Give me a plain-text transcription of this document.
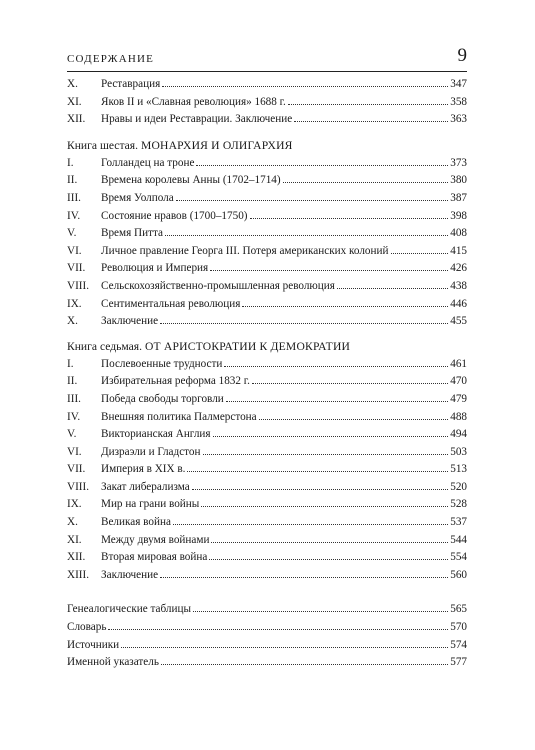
СОДЕРЖАНИЕ	9
X.	Реставрация	347
XI.	Яков II и «Славная революция» 1688 г.	358
XII.	Нравы и идеи Реставрации. Заключение	363
Книга шестая. МОНАРХИЯ И ОЛИГАРХИЯ
I.	Голландец на троне	373
II.	Времена королевы Анны (1702–1714)	380
III.	Время Уолпола	387
IV.	Состояние нравов (1700–1750)	398
V.	Время Питта	408
VI.	Личное правление Георга III. Потеря американских колоний	415
VII.	Революция и Империя	426
VIII.	Сельскохозяйственно-промышленная революция	438
IX.	Сентиментальная революция	446
X.	Заключение	455
Книга седьмая. ОТ АРИСТОКРАТИИ К ДЕМОКРАТИИ
I.	Послевоенные трудности	461
II.	Избирательная реформа 1832 г.	470
III.	Победа свободы торговли	479
IV.	Внешняя политика Палмерстона	488
V.	Викторианская Англия	494
VI.	Дизраэли и Гладстон	503
VII.	Империя в XIX в.	513
VIII.	Закат либерализма	520
IX.	Мир на грани войны	528
X.	Великая война	537
XI.	Между двумя войнами	544
XII.	Вторая мировая война	554
XIII.	Заключение	560
Генеалогические таблицы	565
Словарь	570
Источники	574
Именной указатель	577
